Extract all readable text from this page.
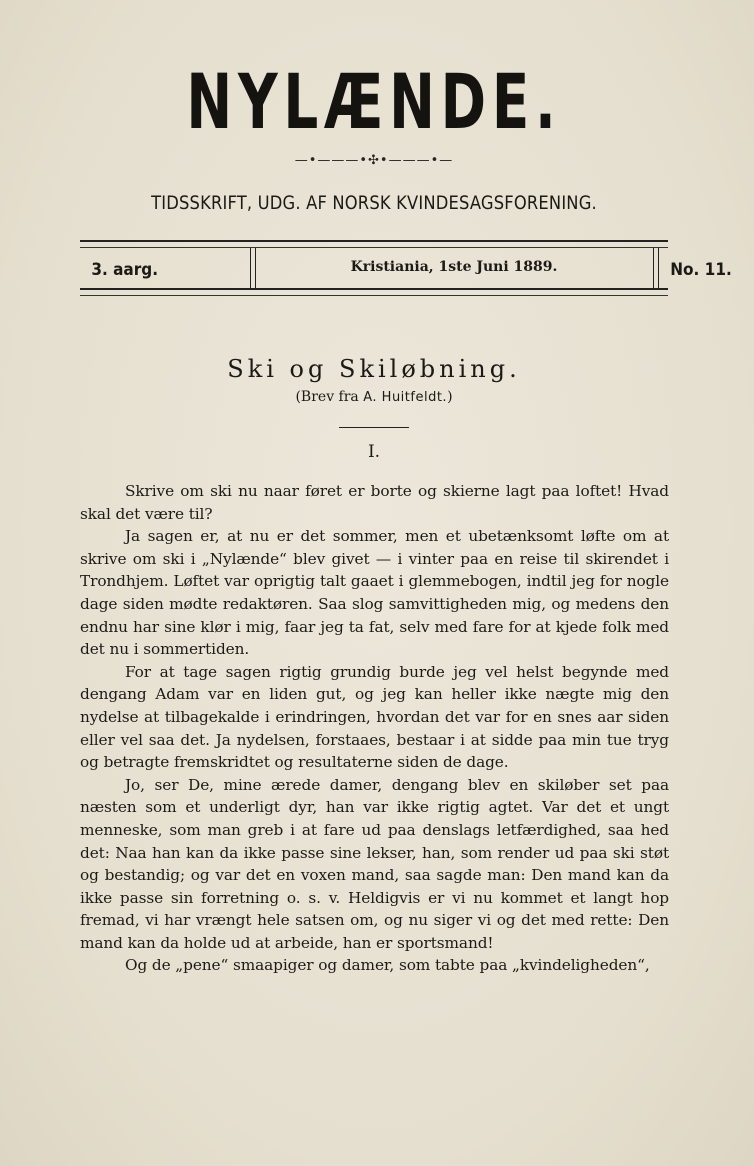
NYLÆNDE.
—•———•✣•———•—
TIDSSKRIFT, UDG. AF NORSK KVINDESAGSFORENING.
3. aarg.	Kristiania, 1ste Juni 1889.	No. 11.
Ski og Skiløbning.
(Brev fra A. Huitfeldt.)
I.

Skrive om ski nu naar føret er borte og skierne lagt paa loftet! Hvad skal det være til?

Ja sagen er, at nu er det sommer, men et ubetænksomt løfte om at skrive om ski i „Nylænde“ blev givet — i vinter paa en reise til skirendet i Trondhjem. Løftet var oprigtig talt gaaet i glemmebogen, indtil jeg for nogle dage siden mødte redaktøren. Saa slog samvittigheden mig, og medens den endnu har sine klør i mig, faar jeg ta fat, selv med fare for at kjede folk med det nu i sommertiden.

For at tage sagen rigtig grundig burde jeg vel helst begynde med dengang Adam var en liden gut, og jeg kan heller ikke nægte mig den nydelse at tilbagekalde i erindringen, hvordan det var for en snes aar siden eller vel saa det. Ja nydelsen, forstaaes, bestaar i at sidde paa min tue tryg og betragte fremskridtet og resultaterne siden de dage.

Jo, ser De, mine ærede damer, dengang blev en skiløber set paa næsten som et underligt dyr, han var ikke rigtig agtet. Var det et ungt menneske, som man greb i at fare ud paa denslags letfærdighed, saa hed det: Naa han kan da ikke passe sine lekser, han, som render ud paa ski støt og bestandig; og var det en voxen mand, saa sagde man: Den mand kan da ikke passe sin forretning o. s. v. Heldigvis er vi nu kommet et langt hop fremad, vi har vrængt hele satsen om, og nu siger vi og det med rette: Den mand kan da holde ud at arbeide, han er sportsmand!

Og de „pene“ smaapiger og damer, som tabte paa „kvindeligheden“,
